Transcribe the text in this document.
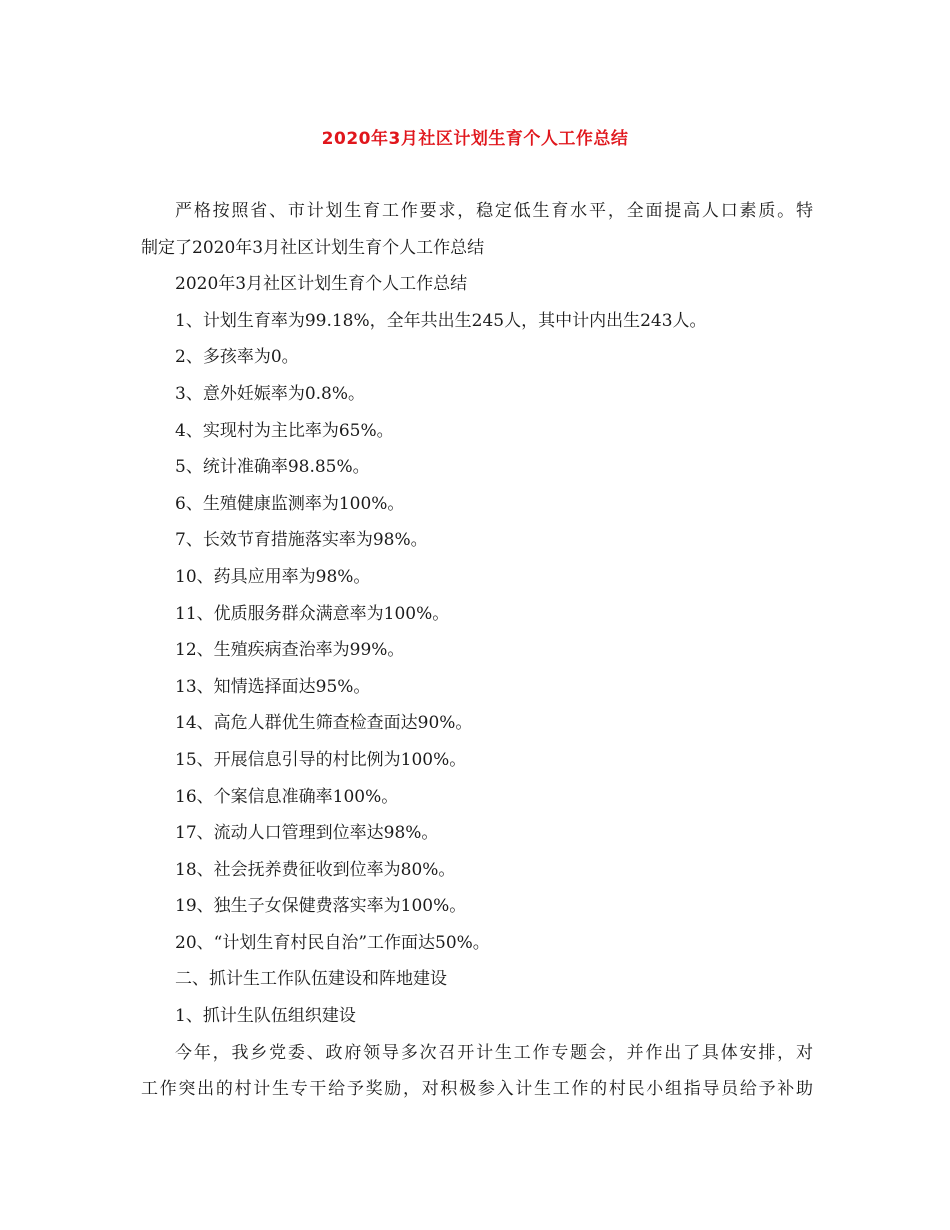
2020年3月社区计划生育个人工作总结
严格按照省、市计划生育工作要求，稳定低生育水平，全面提高人口素质。特
制定了2020年3月社区计划生育个人工作总结
2020年3月社区计划生育个人工作总结
1、计划生育率为99.18%，全年共出生245人，其中计内出生243人。
2、多孩率为0。
3、意外妊娠率为0.8%。
4、实现村为主比率为65%。
5、统计准确率98.85%。
6、生殖健康监测率为100%。
7、长效节育措施落实率为98%。
10、药具应用率为98%。
11、优质服务群众满意率为100%。
12、生殖疾病查治率为99%。
13、知情选择面达95%。
14、高危人群优生筛查检查面达90%。
15、开展信息引导的村比例为100%。
16、个案信息准确率100%。
17、流动人口管理到位率达98%。
18、社会抚养费征收到位率为80%。
19、独生子女保健费落实率为100%。
20、“计划生育村民自治”工作面达50%。
二、抓计生工作队伍建设和阵地建设
1、抓计生队伍组织建设
今年，我乡党委、政府领导多次召开计生工作专题会，并作出了具体安排，对
工作突出的村计生专干给予奖励，对积极参入计生工作的村民小组指导员给予补助
